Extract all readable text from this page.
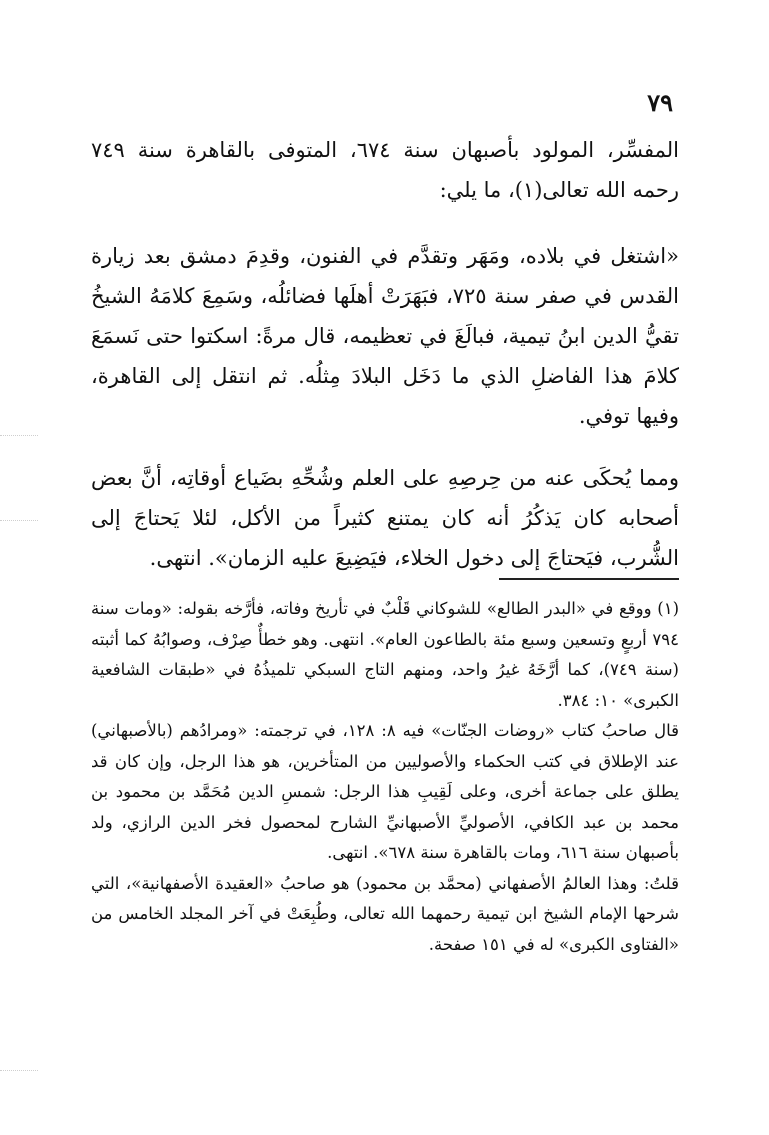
٧٩

المفسِّر، المولود بأصبهان سنة ٦٧٤، المتوفى بالقاهرة سنة ٧٤٩ رحمه الله تعالى(١)، ما يلي:

«اشتغل في بلاده، ومَهَر وتقدَّم في الفنون، وقدِمَ دمشق بعد زيارة القدس في صفر سنة ٧٢٥، فبَهَرَتْ أهلَها فضائلُه، وسَمِعَ كلامَهُ الشيخُ تقيُّ الدين ابنُ تيمية، فبالَغَ في تعظيمه، قال مرةً: اسكتوا حتى نَسمَعَ كلامَ هذا الفاضلِ الذي ما دَخَل البلادَ مِثلُه. ثم انتقل إلى القاهرة، وفيها توفي.

ومما يُحكَى عنه من حِرصِهِ على العلم وشُحِّهِ بضَياع أوقاتِه، أنَّ بعض أصحابه كان يَذكُرُ أنه كان يمتنع كثيراً من الأكل، لئلا يَحتاجَ إلى الشُّرب، فيَحتاجَ إلى دخول الخلاء، فيَضِيعَ عليه الزمان». انتهى.

(١) ووقع في «البدر الطالع» للشوكاني قَلْبٌ في تأريخ وفاته، فأرَّخه بقوله: «ومات سنة ٧٩٤ أربعٍ وتسعين وسبع مئة بالطاعون العام». انتهى. وهو خطأٌ صِرْف، وصوابُهُ كما أثبته (سنة ٧٤٩)، كما أرَّخَهُ غيرُ واحد، ومنهم التاج السبكي تلميذُهُ في «طبقات الشافعية الكبرى» ١٠: ٣٨٤.

قال صاحبُ كتاب «روضات الجنّات» فيه ٨: ١٢٨، في ترجمته: «ومرادُهم (بالأصبهاني) عند الإطلاق في كتب الحكماء والأصوليين من المتأخرين، هو هذا الرجل، وإن كان قد يطلق على جماعة أخرى، وعلى لَقِيبِ هذا الرجل: شمسِ الدين مُحَمَّد بن محمود بن محمد بن عبد الكافي، الأصوليِّ الأصبهانيِّ الشارح لمحصول فخر الدين الرازي، ولد بأصبهان سنة ٦١٦، ومات بالقاهرة سنة ٦٧٨». انتهى.

قلتُ: وهذا العالمُ الأصفهاني (محمَّد بن محمود) هو صاحبُ «العقيدة الأصفهانية»، التي شرحها الإمام الشيخ ابن تيمية رحمهما الله تعالى، وطُبِعَتْ في آخر المجلد الخامس من «الفتاوى الكبرى» له في ١٥١ صفحة.
